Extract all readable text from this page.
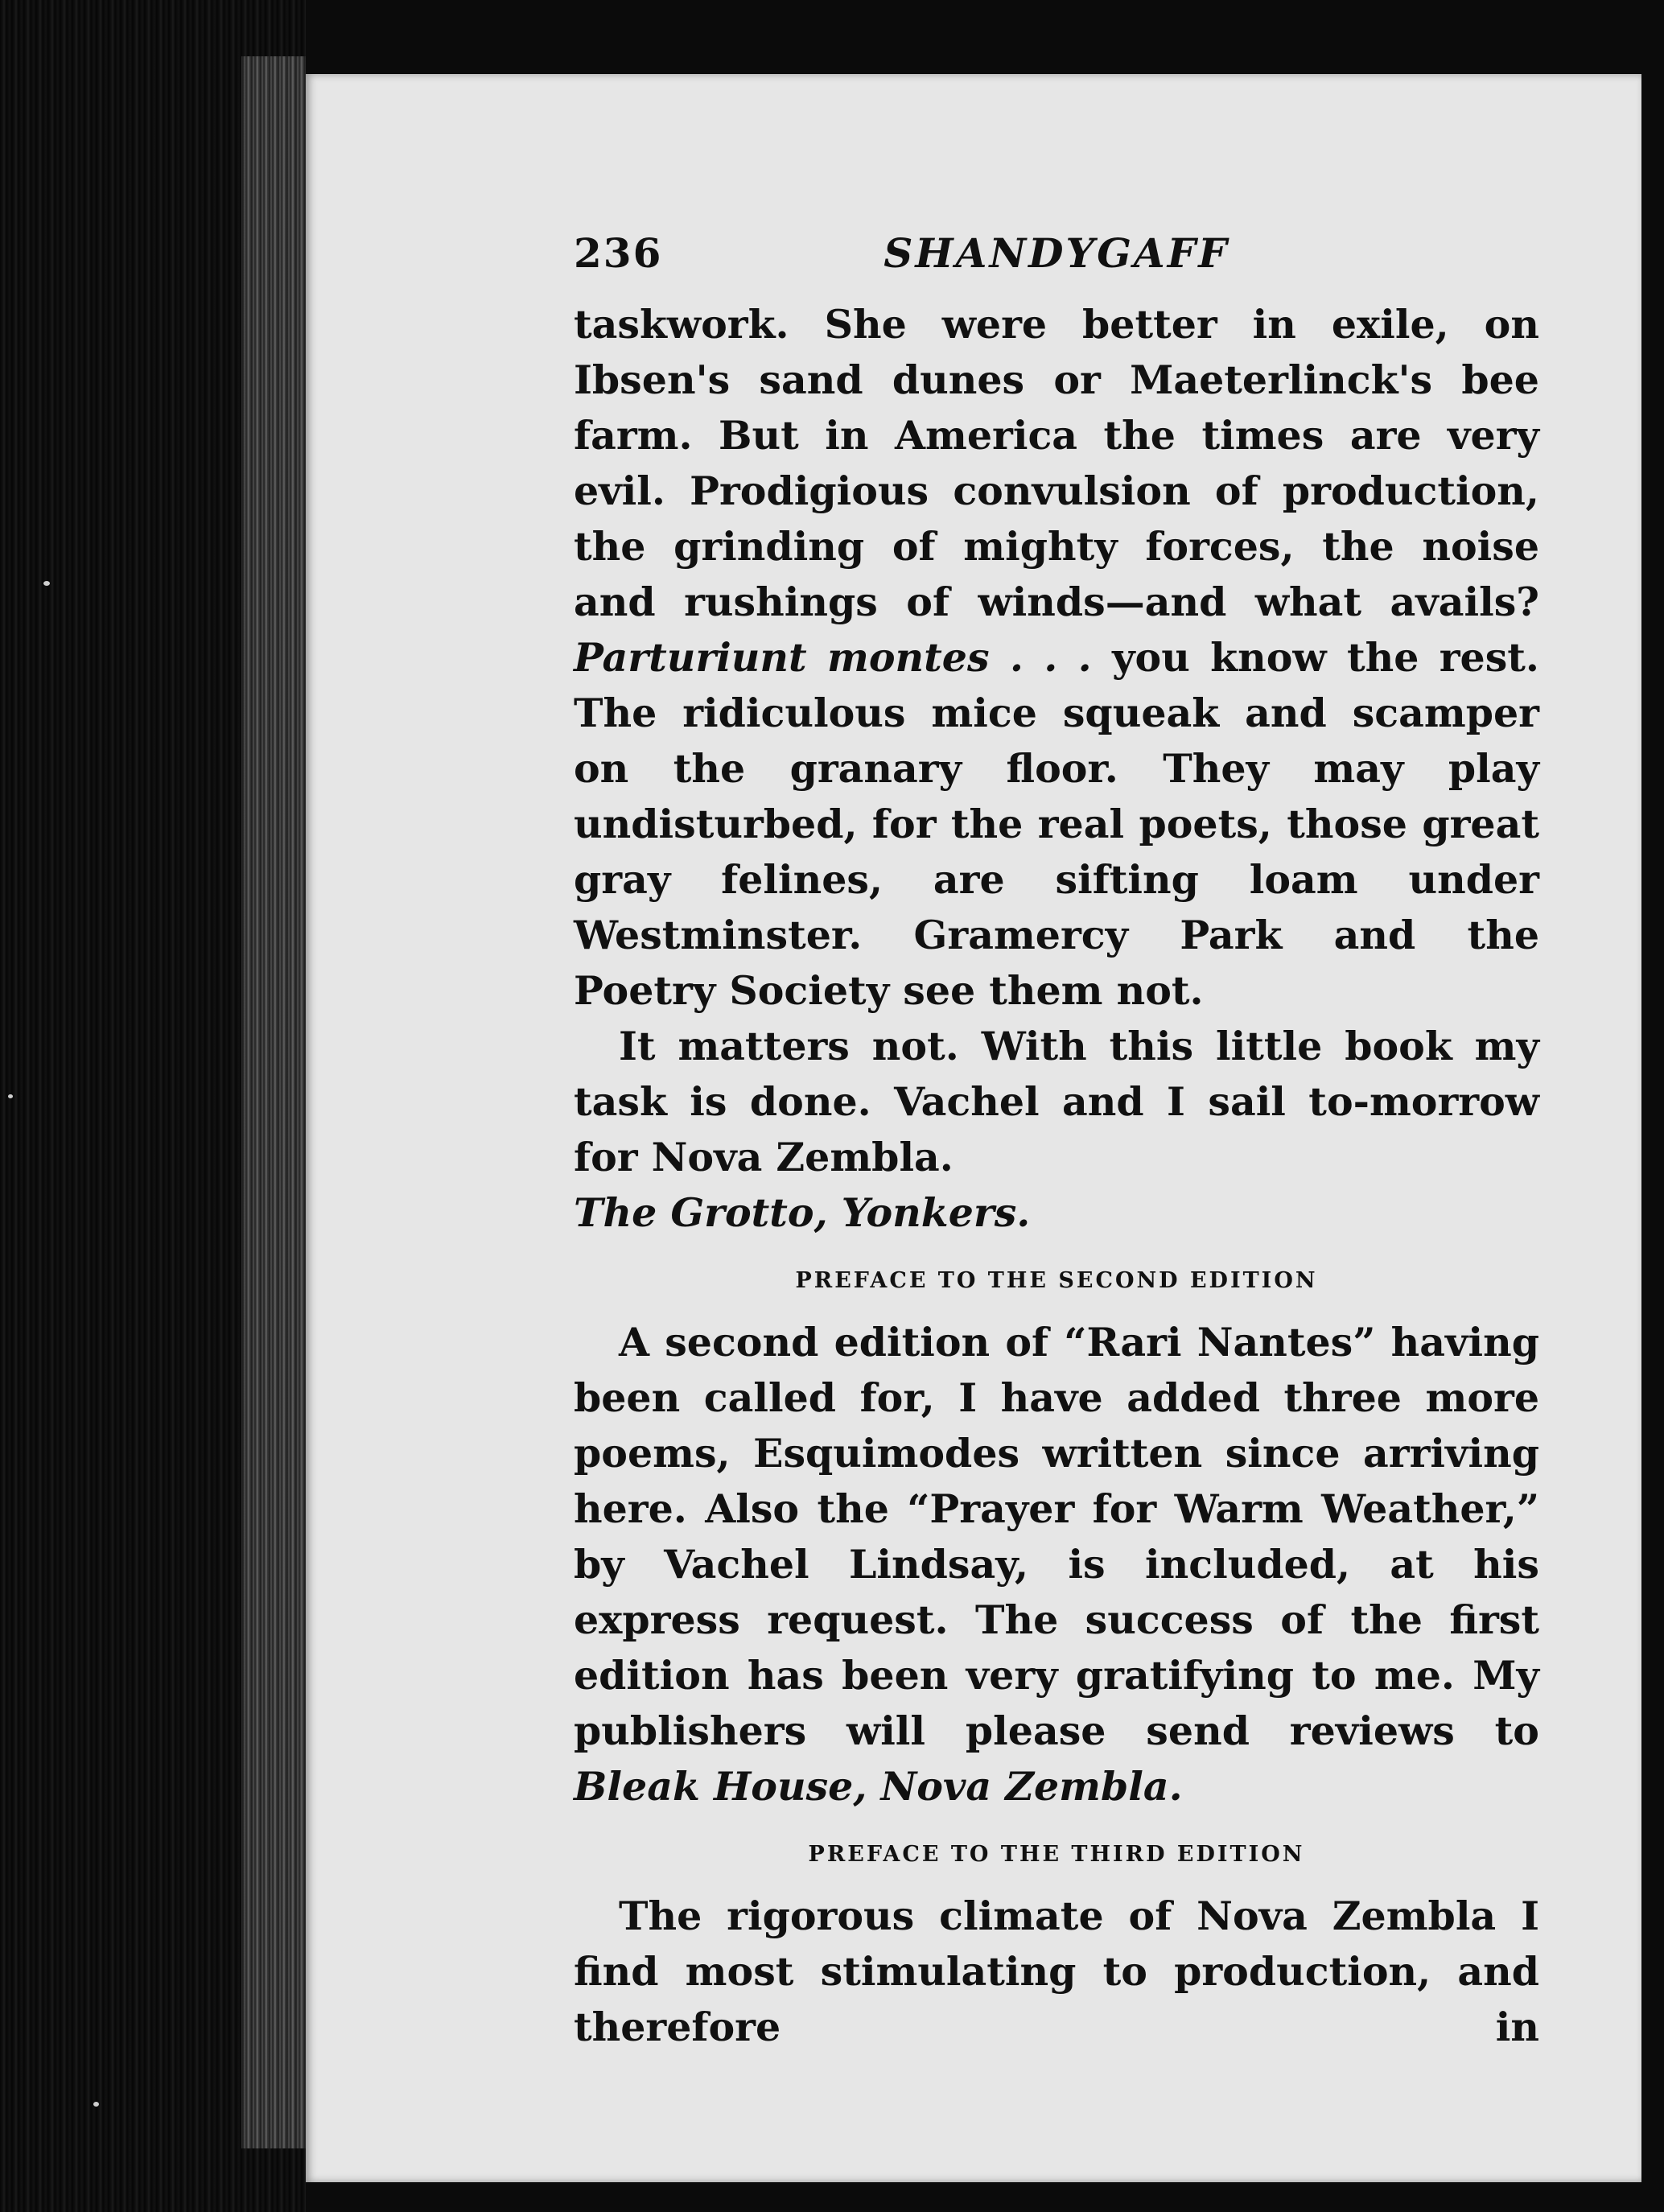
236	SHANDYGAFF

taskwork. She were better in exile, on Ibsen's sand dunes or Maeterlinck's bee farm. But in America the times are very evil. Prodigious convulsion of production, the grinding of mighty forces, the noise and rushings of winds—and what avails? Parturiunt montes . . . you know the rest. The ridiculous mice squeak and scamper on the granary floor. They may play undisturbed, for the real poets, those great gray felines, are sifting loam under Westminster. Gramercy Park and the Poetry Society see them not.

It matters not. With this little book my task is done. Vachel and I sail to-morrow for Nova Zembla.

The Grotto, Yonkers.

PREFACE TO THE SECOND EDITION

A second edition of “Rari Nantes” having been called for, I have added three more poems, Esquimodes written since arriving here. Also the “Prayer for Warm Weather,” by Vachel Lindsay, is included, at his express request. The success of the first edition has been very gratifying to me. My publishers will please send reviews to Bleak House, Nova Zembla.

PREFACE TO THE THIRD EDITION

The rigorous climate of Nova Zembla I find most stimulating to production, and therefore in
